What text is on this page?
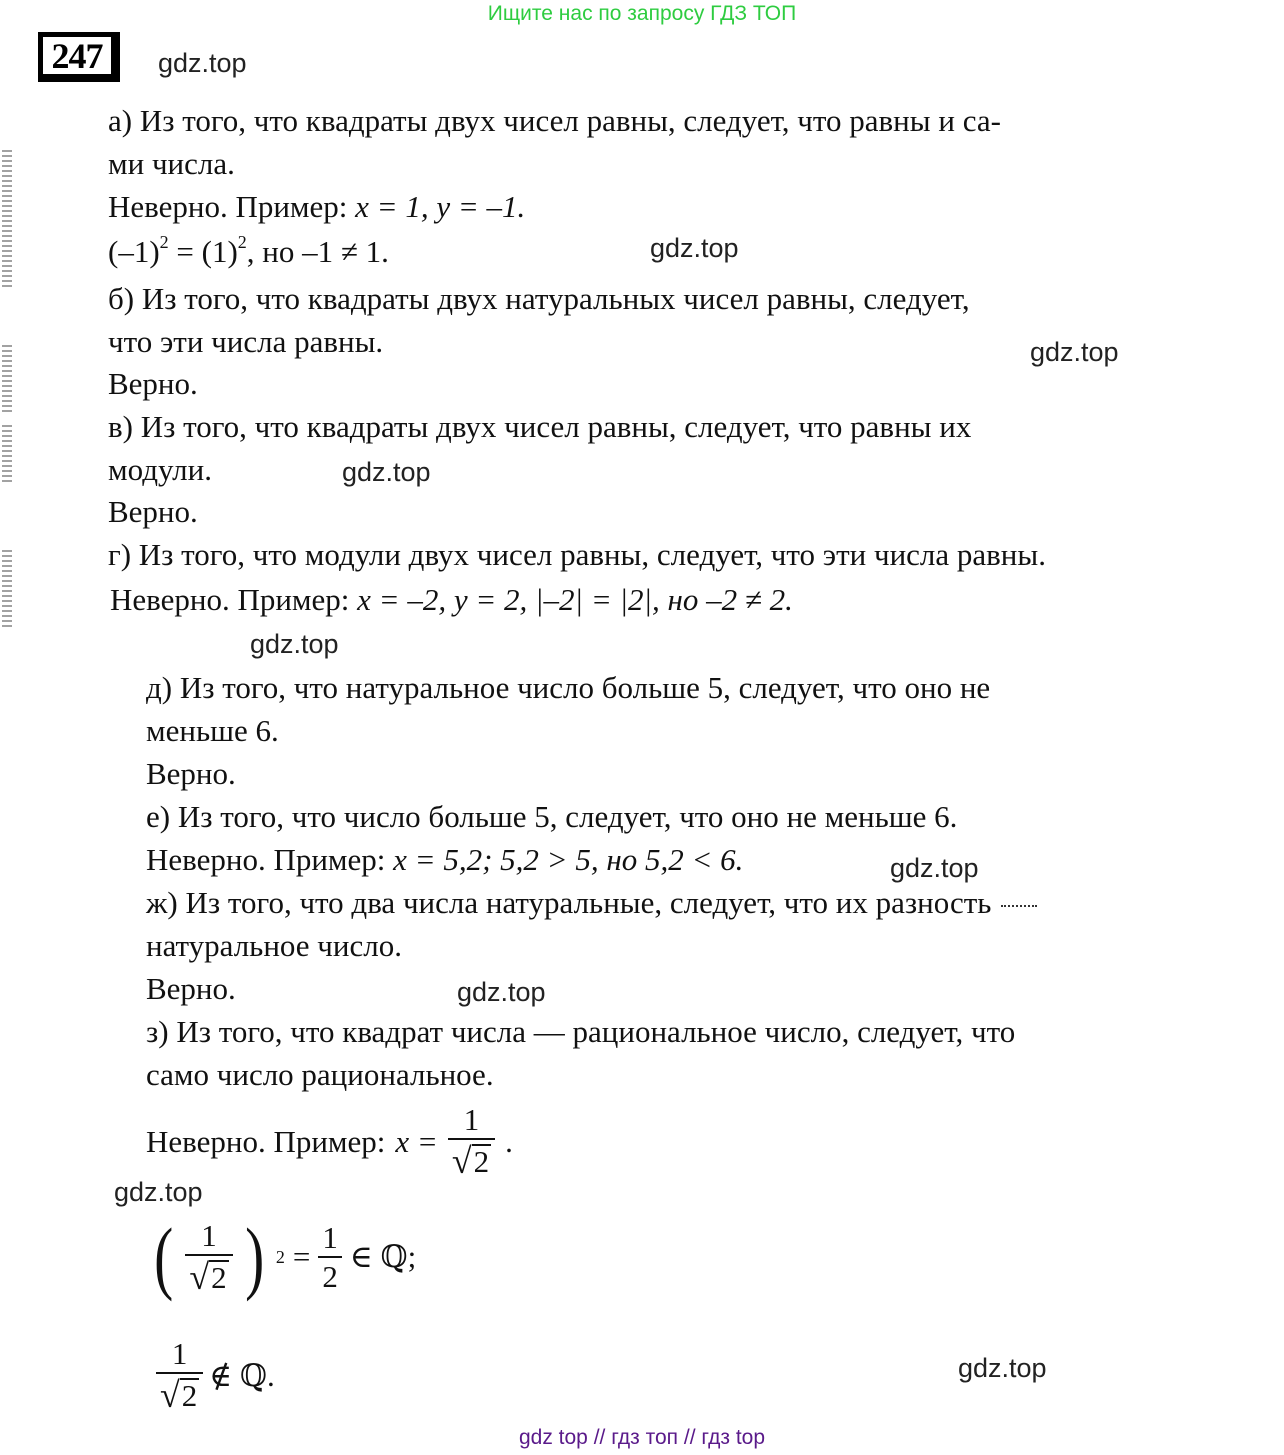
Ищите нас по запросу ГДЗ ТОП
247	gdz.top
а) Из того, что квадраты двух чисел равны, следует, что равны и са-
ми числа.
Неверно. Пример: x = 1, y = –1.
$(-1)^2 = (1)^2$, но –1 ≠ 1.	gdz.top
б) Из того, что квадраты двух натуральных чисел равны, следует,
что эти числа равны.	gdz.top
Верно.
в) Из того, что квадраты двух чисел равны, следует, что равны их
модули.	gdz.top
Верно.
г) Из того, что модули двух чисел равны, следует, что эти числа равны.
Неверно. Пример: x = –2, y = 2, |–2| = |2|, но –2 ≠ 2.
gdz.top
д) Из того, что натуральное число больше 5, следует, что оно не
меньше 6.
Верно.
е) Из того, что число больше 5, следует, что оно не меньше 6.
Неверно. Пример: x = 5,2; 5,2 > 5, но 5,2 < 6.	gdz.top
ж) Из того, что два числа натуральные, следует, что их разность
натуральное число.
Верно.	gdz.top
з) Из того, что квадрат числа — рациональное число, следует, что
само число рациональное.
Неверно. Пример: $x = \frac{1}{√ 2}$ .
gdz.top
( $\frac{1}{√ 2}$ ) $2 = \frac{1}{2}$ ∈ ℚ;
$\frac{1}{√ 2}$ ∉ ℚ.	gdz.top
gdz top // гдз топ // гдз top
